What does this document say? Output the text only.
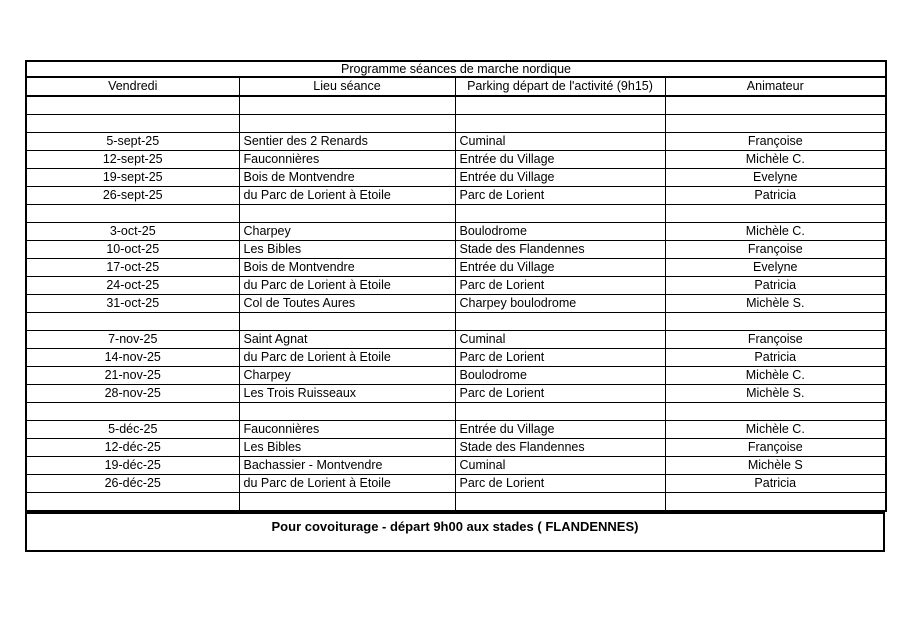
Programme séances de marche nordique			
Vendredi	Lieu séance	Parking départ de l'activité (9h15)	Animateur

5-sept-25	Sentier des 2 Renards	Cuminal	Françoise
12-sept-25	Fauconnières	Entrée du Village	Michèle C.
19-sept-25	Bois de Montvendre	Entrée du Village	Evelyne
26-sept-25	du Parc de Lorient à Etoile	Parc de Lorient	Patricia

3-oct-25	Charpey	Boulodrome	Michèle C.
10-oct-25	Les Bibles	Stade des Flandennes	Françoise
17-oct-25	Bois de Montvendre	Entrée du Village	Evelyne
24-oct-25	du Parc de Lorient à Etoile	Parc de Lorient	Patricia
31-oct-25	Col de Toutes Aures	Charpey boulodrome	Michèle S.

7-nov-25	Saint Agnat	Cuminal	Françoise
14-nov-25	du Parc de Lorient à Etoile	Parc de Lorient	Patricia
21-nov-25	Charpey	Boulodrome	Michèle C.
28-nov-25	Les Trois Ruisseaux	Parc de Lorient	Michèle S.

5-déc-25	Fauconnières	Entrée du Village	Michèle C.
12-déc-25	Les Bibles	Stade des Flandennes	Françoise
19-déc-25	Bachassier - Montvendre	Cuminal	Michèle S
26-déc-25	du Parc de Lorient à Etoile	Parc de Lorient	Patricia

Pour covoiturage - départ 9h00 aux stades ( FLANDENNES)
